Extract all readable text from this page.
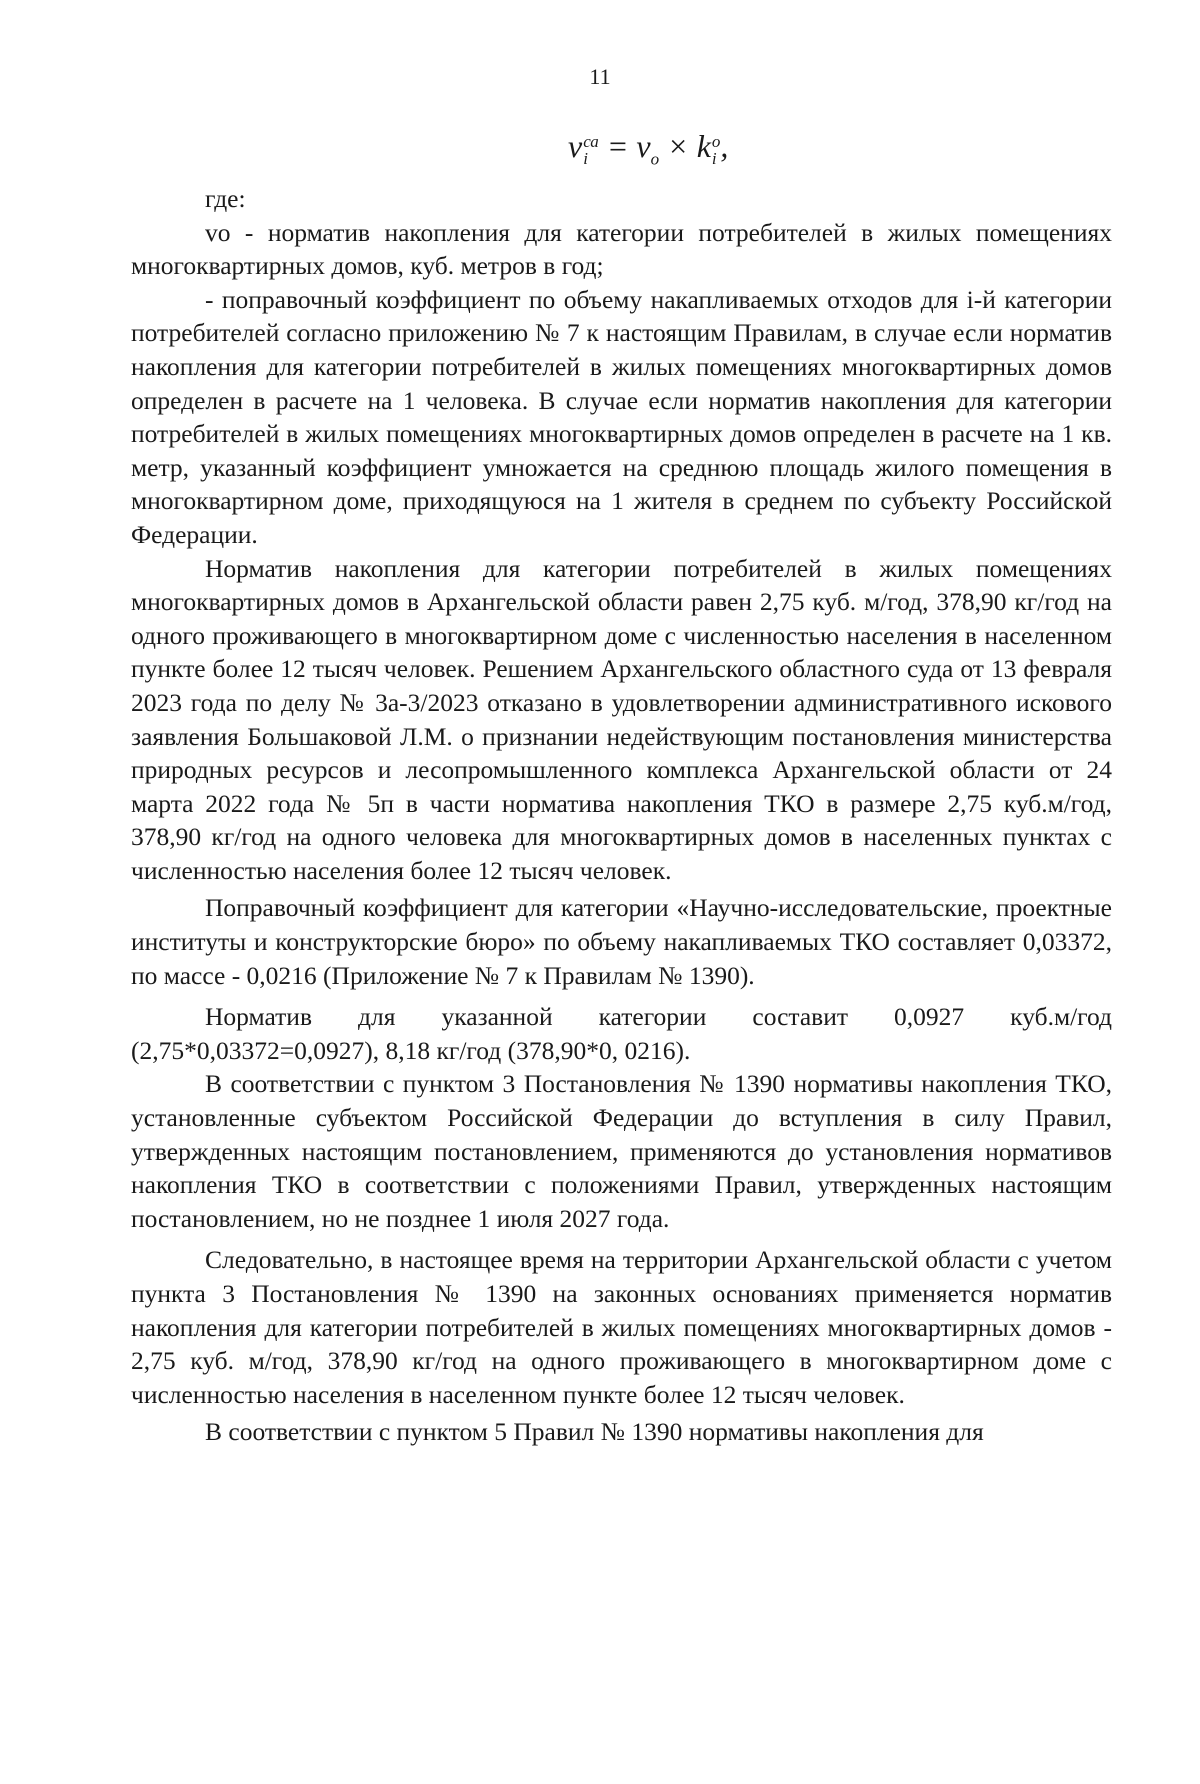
11
v са
$i = v_о \times k$ о
i ,

где:

vo - норматив накопления для категории потребителей в жилых помещениях многоквартирных домов, куб. метров в год;

- поправочный коэффициент по объему накапливаемых отходов для i-й категории потребителей согласно приложению № 7 к настоящим Правилам, в случае если норматив накопления для категории потребителей в жилых помещениях многоквартирных домов определен в расчете на 1 человека. В случае если норматив накопления для категории потребителей в жилых помещениях многоквартирных домов определен в расчете на 1 кв. метр, указанный коэффициент умножается на среднюю площадь жилого помещения в многоквартирном доме, приходящуюся на 1 жителя в среднем по субъекту Российской Федерации.

Норматив накопления для категории потребителей в жилых помещениях многоквартирных домов в Архангельской области равен 2,75 куб. м/год, 378,90 кг/год на одного проживающего в многоквартирном доме с численностью населения в населенном пункте более 12 тысяч человек. Решением Архангельского областного суда от 13 февраля 2023 года по делу № 3а-3/2023 отказано в удовлетворении административного искового заявления Большаковой Л.М. о признании недействующим постановления министерства природных ресурсов и лесопромышленного комплекса Архангельской области от 24 марта 2022 года № 5п в части норматива накопления ТКО в размере 2,75 куб.м/год, 378,90 кг/год на одного человека для многоквартирных домов в населенных пунктах с численностью населения более 12 тысяч человек.

Поправочный коэффициент для категории «Научно-исследовательские, проектные институты и конструкторские бюро» по объему накапливаемых ТКО составляет 0,03372, по массе - 0,0216 (Приложение № 7 к Правилам № 1390).

Норматив для указанной категории составит 0,0927 куб.м/год (2,75*0,03372=0,0927), 8,18 кг/год (378,90*0, 0216).

В соответствии с пунктом 3 Постановления № 1390 нормативы накопления ТКО, установленные субъектом Российской Федерации до вступления в силу Правил, утвержденных настоящим постановлением, применяются до установления нормативов накопления ТКО в соответствии с положениями Правил, утвержденных настоящим постановлением, но не позднее 1 июля 2027 года.

Следовательно, в настоящее время на территории Архангельской области с учетом пункта 3 Постановления № 1390 на законных основаниях применяется норматив накопления для категории потребителей в жилых помещениях многоквартирных домов - 2,75 куб. м/год, 378,90 кг/год на одного проживающего в многоквартирном доме с численностью населения в населенном пункте более 12 тысяч человек.

В соответствии с пунктом 5 Правил № 1390 нормативы накопления для
